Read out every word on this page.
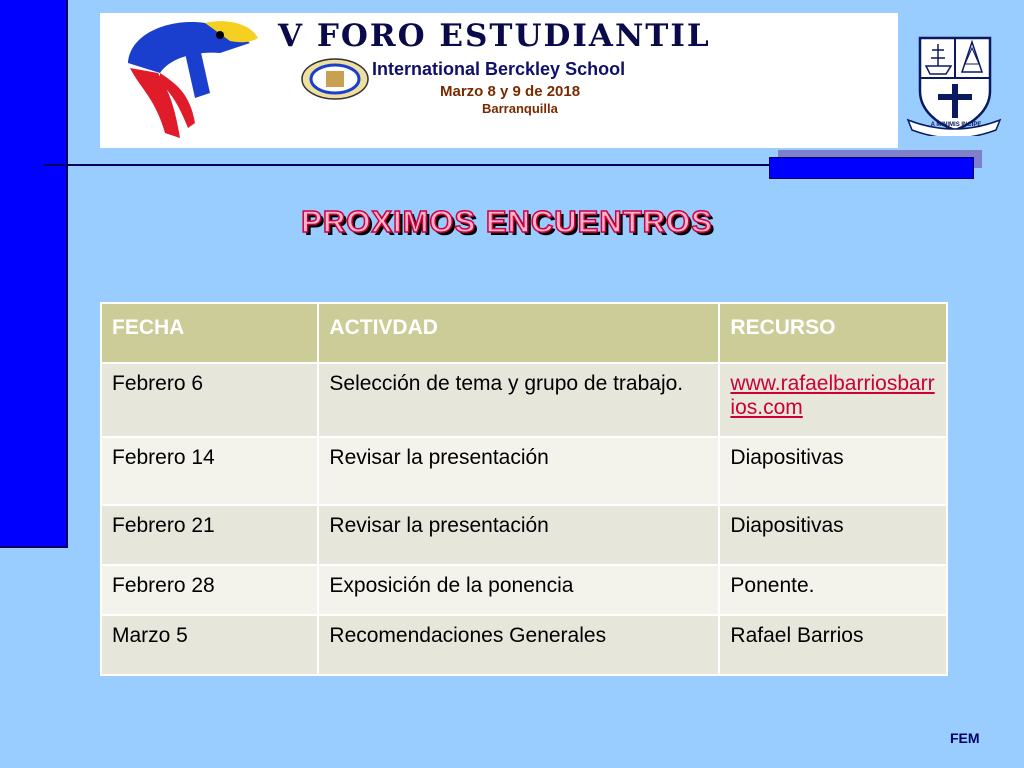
V FORO ESTUDIANTIL
International Berckley School
Marzo 8 y 9 de 2018
Barranquilla
A MINIMIS INCIPE
PROXIMOS ENCUENTROS
FECHA	ACTIVDAD	RECURSO
Febrero 6	Selección de tema y grupo de trabajo.	www.rafaelbarriosbarrios.com
Febrero 14	Revisar la presentación	Diapositivas
Febrero 21	Revisar la presentación	Diapositivas
Febrero 28	Exposición de la ponencia	Ponente.
Marzo 5	Recomendaciones Generales	Rafael Barrios
FEM
